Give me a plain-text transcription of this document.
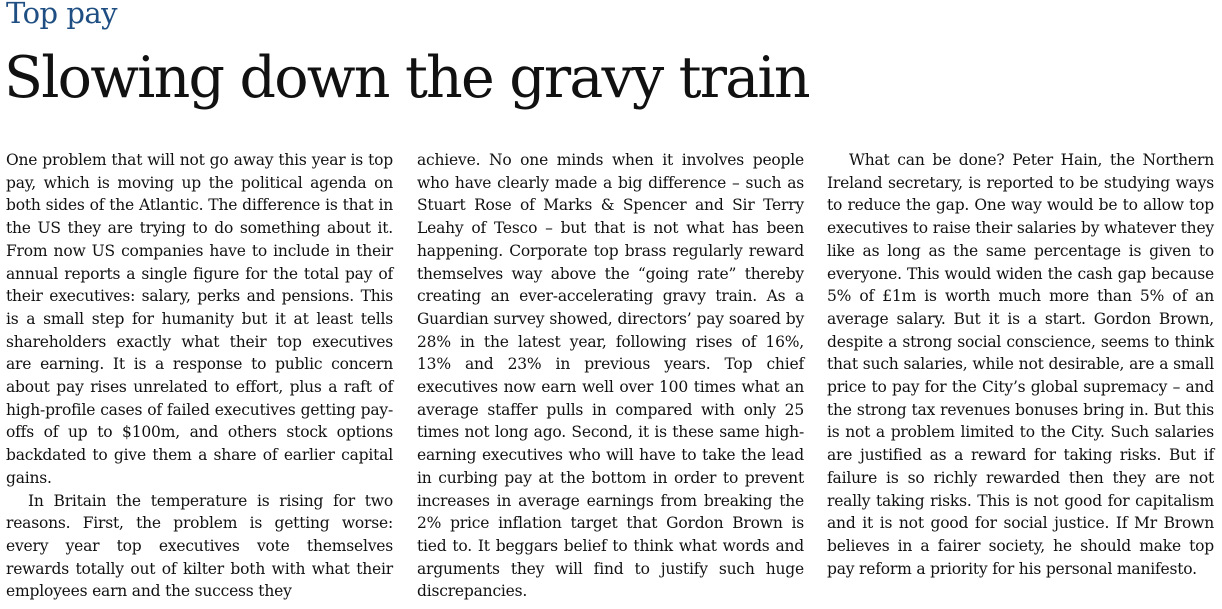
Top pay
Slowing down the gravy train

One problem that will not go away this year is top pay, which is moving up the political agenda on both sides of the Atlantic. The difference is that in the US they are trying to do something about it. From now US companies have to include in their annual reports a single figure for the total pay of their executives: salary, perks and pensions. This is a small step for humanity but it at least tells shareholders exactly what their top executives are earning. It is a response to public concern about pay rises unrelated to effort, plus a raft of high-profile cases of failed executives getting pay-offs of up to $100m, and others stock options backdated to give them a share of earlier capital gains.

In Britain the temperature is rising for two reasons. First, the problem is getting worse: every year top executives vote themselves rewards totally out of kilter both with what their employees earn and the success they

achieve. No one minds when it involves people who have clearly made a big difference – such as Stuart Rose of Marks & Spencer and Sir Terry Leahy of Tesco – but that is not what has been happening. Corporate top brass regularly reward themselves way above the “going rate” thereby creating an ever-accelerating gravy train. As a Guardian survey showed, directors’ pay soared by 28% in the latest year, following rises of 16%, 13% and 23% in previous years. Top chief executives now earn well over 100 times what an average staffer pulls in compared with only 25 times not long ago. Second, it is these same high-earning executives who will have to take the lead in curbing pay at the bottom in order to prevent increases in average earnings from breaking the 2% price inflation target that Gordon Brown is tied to. It beggars belief to think what words and arguments they will find to justify such huge discrepancies.

What can be done? Peter Hain, the Northern Ireland secretary, is reported to be studying ways to reduce the gap. One way would be to allow top executives to raise their salaries by whatever they like as long as the same percentage is given to everyone. This would widen the cash gap because 5% of £1m is worth much more than 5% of an average salary. But it is a start. Gordon Brown, despite a strong social conscience, seems to think that such salaries, while not desirable, are a small price to pay for the City’s global supremacy – and the strong tax revenues bonuses bring in. But this is not a problem limited to the City. Such salaries are justified as a reward for taking risks. But if failure is so richly rewarded then they are not really taking risks. This is not good for capitalism and it is not good for social justice. If Mr Brown believes in a fairer society, he should make top pay reform a priority for his personal manifesto.
